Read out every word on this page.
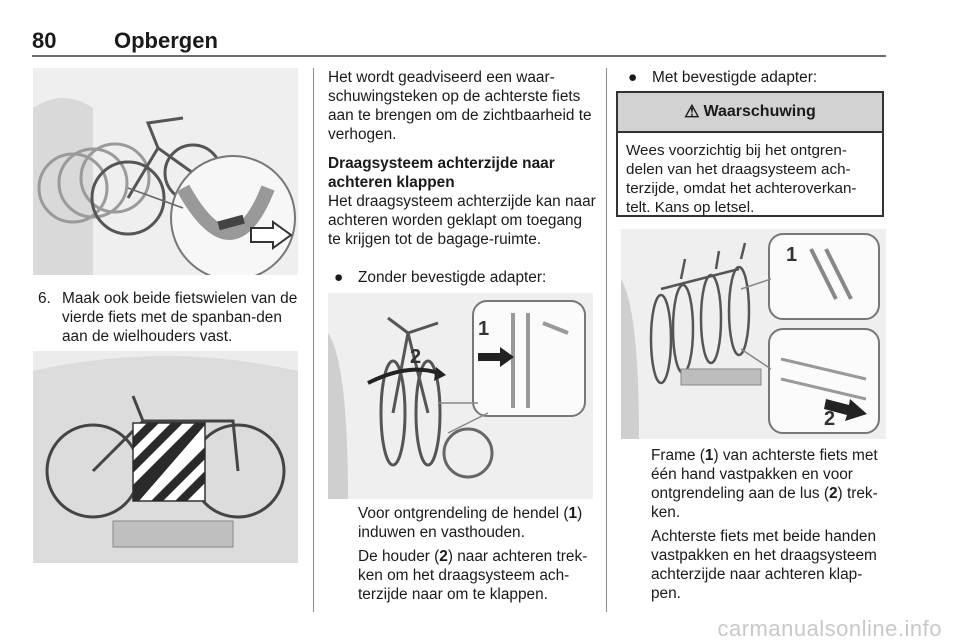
80	Opbergen
6. Maak ook beide fietswielen van de vierde fiets met de spanban-den aan de wielhouders vast.
Het wordt geadviseerd een waar-schuwingsteken op de achterste fiets aan te brengen om de zichtbaarheid te verhogen.
Draagsysteem achterzijde naar achteren klappen
Het draagsysteem achterzijde kan naar achteren worden geklapt om toegang te krijgen tot de bagage-ruimte.
● Zonder bevestigde adapter:
2
1

Voor ontgrendeling de hendel (1) induwen en vasthouden.

De houder (2) naar achteren trek-ken om het draagsysteem ach-terzijde naar om te klappen.

● Met bevestigde adapter:
⚠ Waarschuwing
Wees voorzichtig bij het ontgren-delen van het draagsysteem ach-terzijde, omdat het achteroverkan-telt. Kans op letsel.
1
2

Frame (1) van achterste fiets met één hand vastpakken en voor ontgrendeling aan de lus (2) trek-ken.

Achterste fiets met beide handen vastpakken en het draagsysteem achterzijde naar achteren klap-pen.

carmanualsonline.info
